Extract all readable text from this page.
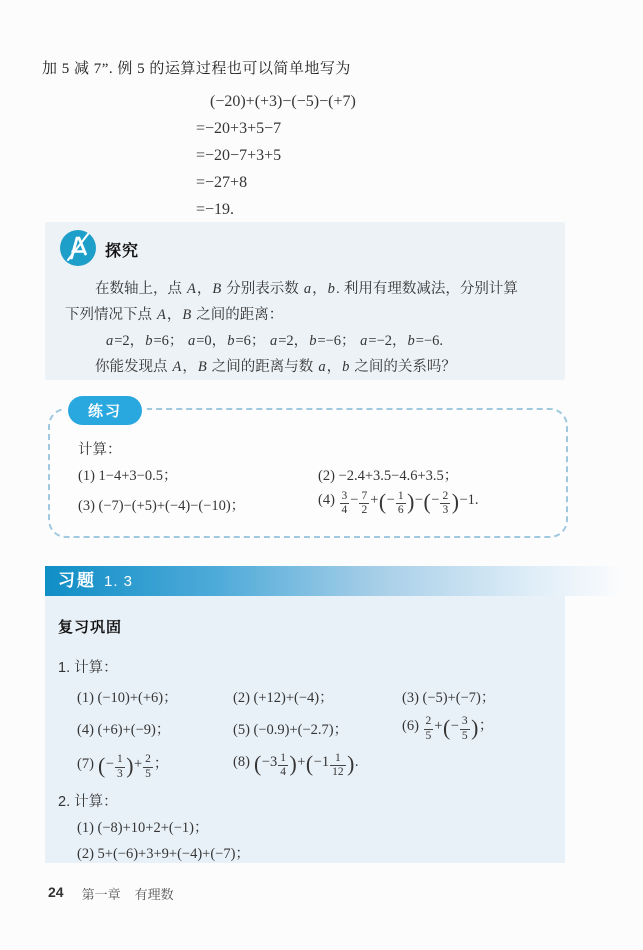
加 5 减 7”. 例 5 的运算过程也可以简单地写为
(−20)+(+3)−(−5)−(+7)
=−20+3+5−7
=−20−7+3+5
=−27+8
=−19.
探究
在数轴上，点 A，B 分别表示数 a，b. 利用有理数减法，分别计算
下列情况下点 A，B 之间的距离：
a=2，b=6； a=0，b=6； a=2，b=−6； a=−2，b=−6.
你能发现点 A，B 之间的距离与数 a，b 之间的关系吗？
练习
计算：
(1) 1−4+3−0.5；	(2) −2.4+3.5−4.6+3.5；
(3) (−7)−(+5)+(−4)−(−10)；	$(4) \frac{3}{4} - \frac{7}{2}$ +(− $\frac{1}{6}$ )−(− $\frac{2}{3} )-1$.
习题 1. 3
复习巩固
1. 计算：
(1) (−10)+(+6)；	(2) (+12)+(−4)；	(3) (−5)+(−7)；
(4) (+6)+(−9)；	(5) (−0.9)+(−2.7)；	$(6) \frac{2}{5}$ +(− $\frac{3}{5}$ )；
(7) (− $\frac{1}{3}$ )+ $\frac{2}{5}$ ；	(8) $(-3 \frac{1}{4} )+(-1 \frac{1}{12}$ ).
2. 计算：
(1) (−8)+10+2+(−1)；
(2) 5+(−6)+3+9+(−4)+(−7)；
24 第一章 有理数
